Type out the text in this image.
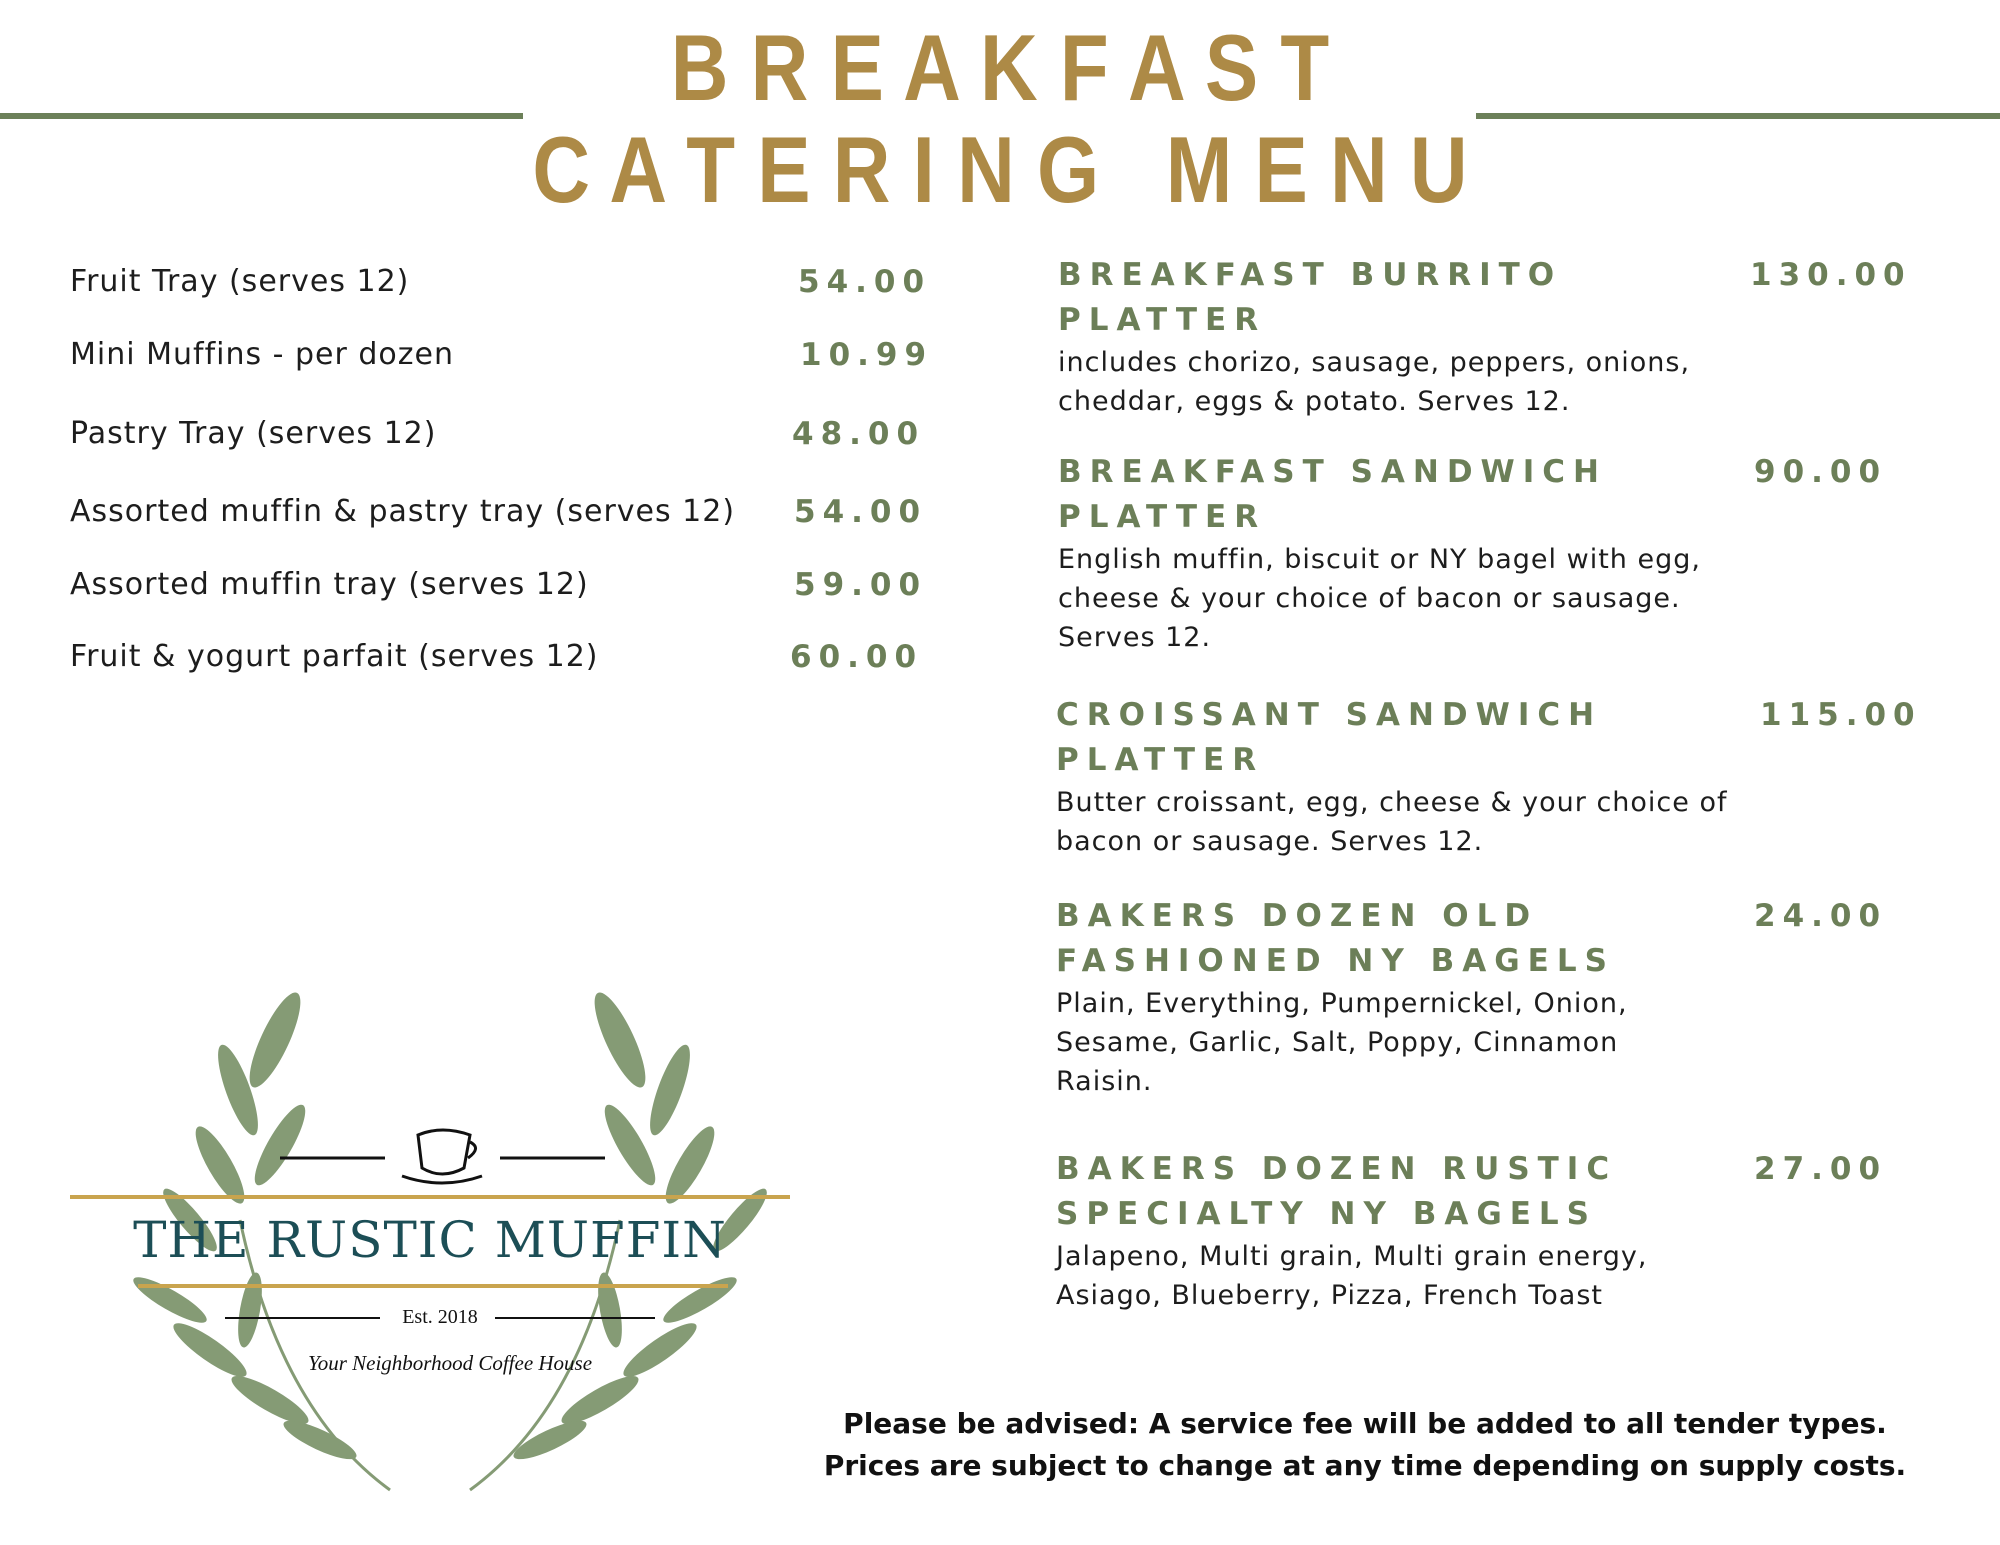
B R E A K F A S T
C A T E R I N G   M E N U
Fruit Tray (serves 12)	54.00
Mini Muffins - per dozen	10.99
Pastry Tray (serves 12)	48.00
Assorted muffin & pastry tray (serves 12) 54.00
Assorted muffin tray (serves 12)	59.00
Fruit & yogurt parfait (serves 12)	60.00
BREAKFAST BURRITO PLATTER
130.00
includes chorizo, sausage, peppers, onions, cheddar, eggs & potato. Serves 12.
BREAKFAST SANDWICH PLATTER
90.00
English muffin, biscuit or NY bagel with egg, cheese & your choice of bacon or sausage. Serves 12.
CROISSANT SANDWICH PLATTER
115.00
Butter croissant, egg, cheese & your choice of bacon or sausage. Serves 12.
BAKERS DOZEN OLD FASHIONED NY BAGELS
24.00
Plain, Everything, Pumpernickel, Onion, Sesame, Garlic, Salt, Poppy, Cinnamon Raisin.
BAKERS DOZEN RUSTIC SPECIALTY NY BAGELS
27.00
Jalapeno, Multi grain, Multi grain energy, Asiago, Blueberry, Pizza, French Toast
THE RUSTIC MUFFIN
Est. 2018
Your Neighborhood Coffee House
Please be advised: A service fee will be added to all tender types.
Prices are subject to change at any time depending on supply costs.
